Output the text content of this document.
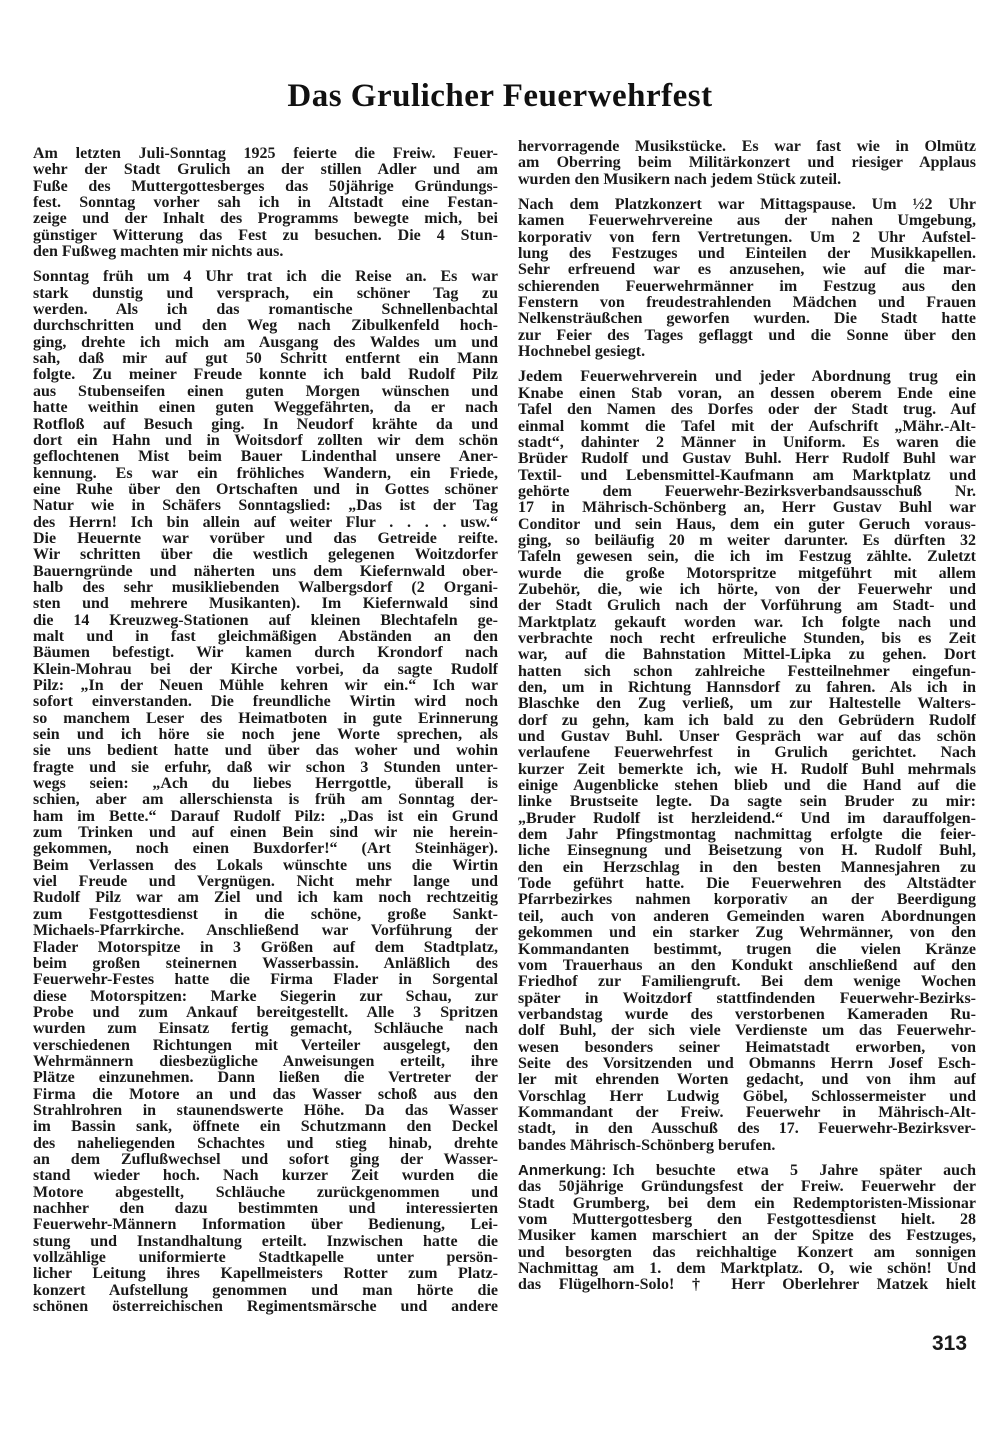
Das Grulicher Feuerwehrfest
Am letzten Juli-Sonntag 1925 feierte die Freiw. Feuer-
wehr der Stadt Grulich an der stillen Adler und am
Fuße des Muttergottesberges das 50jährige Gründungs-
fest. Sonntag vorher sah ich in Altstadt eine Festan-
zeige und der Inhalt des Programms bewegte mich, bei
günstiger Witterung das Fest zu besuchen. Die 4 Stun-
den Fußweg machten mir nichts aus.
Sonntag früh um 4 Uhr trat ich die Reise an. Es war
stark dunstig und versprach, ein schöner Tag zu
werden. Als ich das romantische Schnellenbachtal
durchschritten und den Weg nach Zibulkenfeld hoch-
ging, drehte ich mich am Ausgang des Waldes um und
sah, daß mir auf gut 50 Schritt entfernt ein Mann
folgte. Zu meiner Freude konnte ich bald Rudolf Pilz
aus Stubenseifen einen guten Morgen wünschen und
hatte weithin einen guten Weggefährten, da er nach
Rotfloß auf Besuch ging. In Neudorf krähte da und
dort ein Hahn und in Woitsdorf zollten wir dem schön
geflochtenen Mist beim Bauer Lindenthal unsere Aner-
kennung. Es war ein fröhliches Wandern, ein Friede,
eine Ruhe über den Ortschaften und in Gottes schöner
Natur wie in Schäfers Sonntagslied: „Das ist der Tag
des Herrn! Ich bin allein auf weiter Flur . . . . usw.“
Die Heuernte war vorüber und das Getreide reifte.
Wir schritten über die westlich gelegenen Woitzdorfer
Bauerngründe und näherten uns dem Kiefernwald ober-
halb des sehr musikliebenden Walbergsdorf (2 Organi-
sten und mehrere Musikanten). Im Kiefernwald sind
die 14 Kreuzweg-Stationen auf kleinen Blechtafeln ge-
malt und in fast gleichmäßigen Abständen an den
Bäumen befestigt. Wir kamen durch Krondorf nach
Klein-Mohrau bei der Kirche vorbei, da sagte Rudolf
Pilz: „In der Neuen Mühle kehren wir ein.“ Ich war
sofort einverstanden. Die freundliche Wirtin wird noch
so manchem Leser des Heimatboten in gute Erinnerung
sein und ich höre sie noch jene Worte sprechen, als
sie uns bedient hatte und über das woher und wohin
fragte und sie erfuhr, daß wir schon 3 Stunden unter-
wegs seien: „Ach du liebes Herrgottle, überall is
schien, aber am allerschiensta is früh am Sonntag der-
ham im Bette.“ Darauf Rudolf Pilz: „Das ist ein Grund
zum Trinken und auf einen Bein sind wir nie herein-
gekommen, noch einen Buxdorfer!“ (Art Steinhäger).
Beim Verlassen des Lokals wünschte uns die Wirtin
viel Freude und Vergnügen. Nicht mehr lange und
Rudolf Pilz war am Ziel und ich kam noch rechtzeitig
zum Festgottesdienst in die schöne, große Sankt-
Michaels-Pfarrkirche. Anschließend war Vorführung der
Flader Motorspitze in 3 Größen auf dem Stadtplatz,
beim großen steinernen Wasserbassin. Anläßlich des
Feuerwehr-Festes hatte die Firma Flader in Sorgental
diese Motorspitzen: Marke Siegerin zur Schau, zur
Probe und zum Ankauf bereitgestellt. Alle 3 Spritzen
wurden zum Einsatz fertig gemacht, Schläuche nach
verschiedenen Richtungen mit Verteiler ausgelegt, den
Wehrmännern diesbezügliche Anweisungen erteilt, ihre
Plätze einzunehmen. Dann ließen die Vertreter der
Firma die Motore an und das Wasser schoß aus den
Strahlrohren in staunendswerte Höhe. Da das Wasser
im Bassin sank, öffnete ein Schutzmann den Deckel
des naheliegenden Schachtes und stieg hinab, drehte
an dem Zuflußwechsel und sofort ging der Wasser-
stand wieder hoch. Nach kurzer Zeit wurden die
Motore abgestellt, Schläuche zurückgenommen und
nachher den dazu bestimmten und interessierten
Feuerwehr-Männern Information über Bedienung, Lei-
stung und Instandhaltung erteilt. Inzwischen hatte die
vollzählige uniformierte Stadtkapelle unter persön-
licher Leitung ihres Kapellmeisters Rotter zum Platz-
konzert Aufstellung genommen und man hörte die
schönen österreichischen Regimentsmärsche und andere
hervorragende Musikstücke. Es war fast wie in Olmütz
am Oberring beim Militärkonzert und riesiger Applaus
wurden den Musikern nach jedem Stück zuteil.
Nach dem Platzkonzert war Mittagspause. Um ½2 Uhr
kamen Feuerwehrvereine aus der nahen Umgebung,
korporativ von fern Vertretungen. Um 2 Uhr Aufstel-
lung des Festzuges und Einteilen der Musikkapellen.
Sehr erfreuend war es anzusehen, wie auf die mar-
schierenden Feuerwehrmänner im Festzug aus den
Fenstern von freudestrahlenden Mädchen und Frauen
Nelkensträußchen geworfen wurden. Die Stadt hatte
zur Feier des Tages geflaggt und die Sonne über den
Hochnebel gesiegt.
Jedem Feuerwehrverein und jeder Abordnung trug ein
Knabe einen Stab voran, an dessen oberem Ende eine
Tafel den Namen des Dorfes oder der Stadt trug. Auf
einmal kommt die Tafel mit der Aufschrift „Mähr.-Alt-
stadt“, dahinter 2 Männer in Uniform. Es waren die
Brüder Rudolf und Gustav Buhl. Herr Rudolf Buhl war
Textil- und Lebensmittel-Kaufmann am Marktplatz und
gehörte dem Feuerwehr-Bezirksverbandsausschuß Nr.
17 in Mährisch-Schönberg an, Herr Gustav Buhl war
Conditor und sein Haus, dem ein guter Geruch voraus-
ging, so beiläufig 20 m weiter darunter. Es dürften 32
Tafeln gewesen sein, die ich im Festzug zählte. Zuletzt
wurde die große Motorspritze mitgeführt mit allem
Zubehör, die, wie ich hörte, von der Feuerwehr und
der Stadt Grulich nach der Vorführung am Stadt- und
Marktplatz gekauft worden war. Ich folgte nach und
verbrachte noch recht erfreuliche Stunden, bis es Zeit
war, auf die Bahnstation Mittel-Lipka zu gehen. Dort
hatten sich schon zahlreiche Festteilnehmer eingefun-
den, um in Richtung Hannsdorf zu fahren. Als ich in
Blaschke den Zug verließ, um zur Haltestelle Walters-
dorf zu gehn, kam ich bald zu den Gebrüdern Rudolf
und Gustav Buhl. Unser Gespräch war auf das schön
verlaufene Feuerwehrfest in Grulich gerichtet. Nach
kurzer Zeit bemerkte ich, wie H. Rudolf Buhl mehrmals
einige Augenblicke stehen blieb und die Hand auf die
linke Brustseite legte. Da sagte sein Bruder zu mir:
„Bruder Rudolf ist herzleidend.“ Und im darauffolgen-
dem Jahr Pfingstmontag nachmittag erfolgte die feier-
liche Einsegnung und Beisetzung von H. Rudolf Buhl,
den ein Herzschlag in den besten Mannesjahren zu
Tode geführt hatte. Die Feuerwehren des Altstädter
Pfarrbezirkes nahmen korporativ an der Beerdigung
teil, auch von anderen Gemeinden waren Abordnungen
gekommen und ein starker Zug Wehrmänner, von den
Kommandanten bestimmt, trugen die vielen Kränze
vom Trauerhaus an den Kondukt anschließend auf den
Friedhof zur Familiengruft. Bei dem wenige Wochen
später in Woitzdorf stattfindenden Feuerwehr-Bezirks-
verbandstag wurde des verstorbenen Kameraden Ru-
dolf Buhl, der sich viele Verdienste um das Feuerwehr-
wesen besonders seiner Heimatstadt erworben, von
Seite des Vorsitzenden und Obmanns Herrn Josef Esch-
ler mit ehrenden Worten gedacht, und von ihm auf
Vorschlag Herr Ludwig Göbel, Schlossermeister und
Kommandant der Freiw. Feuerwehr in Mährisch-Alt-
stadt, in den Ausschuß des 17. Feuerwehr-Bezirksver-
bandes Mährisch-Schönberg berufen.
Anmerkung: Ich besuchte etwa 5 Jahre später auch
das 50jährige Gründungsfest der Freiw. Feuerwehr der
Stadt Grumberg, bei dem ein Redemptoristen-Missionar
vom Muttergottesberg den Festgottesdienst hielt. 28
Musiker kamen marschiert an der Spitze des Festzuges,
und besorgten das reichhaltige Konzert am sonnigen
Nachmittag am 1. dem Marktplatz. O, wie schön! Und
das Flügelhorn-Solo! † Herr Oberlehrer Matzek hielt
313
